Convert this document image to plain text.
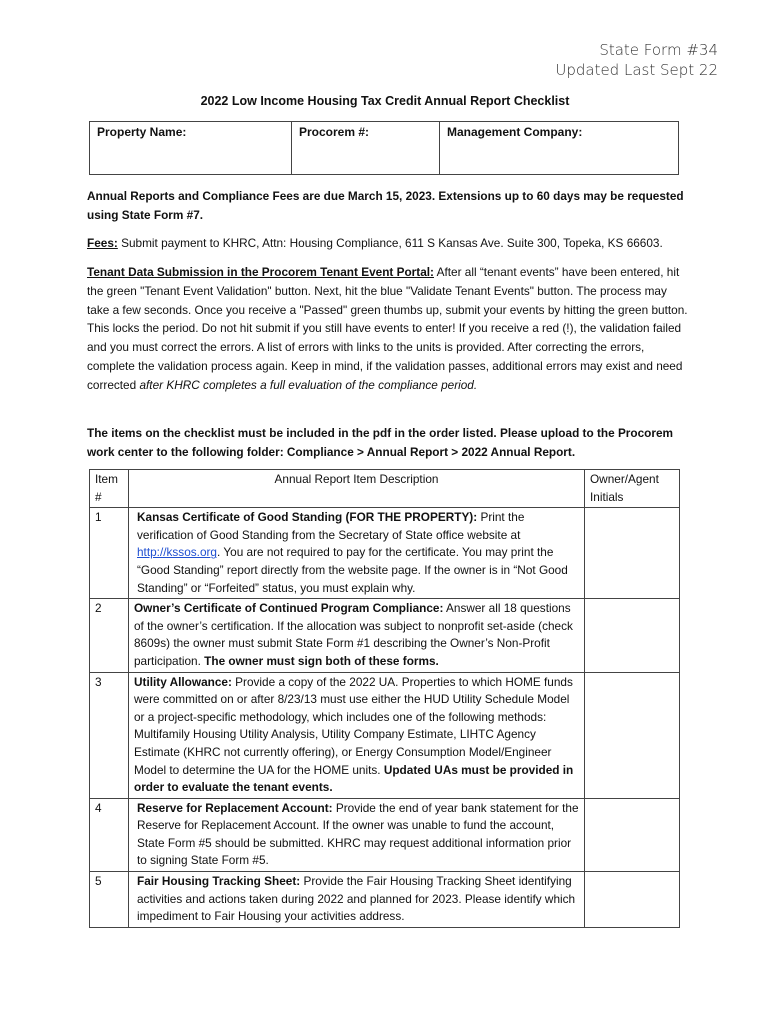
State Form #34
Updated Last Sept 22
2022 Low Income Housing Tax Credit Annual Report Checklist
Property Name:	Procorem #:	Management Company:
Annual Reports and Compliance Fees are due March 15, 2023. Extensions up to 60 days may be requested using State Form #7.
Fees: Submit payment to KHRC, Attn: Housing Compliance, 611 S Kansas Ave. Suite 300, Topeka, KS 66603.
Tenant Data Submission in the Procorem Tenant Event Portal: After all “tenant events” have been entered, hit the green "Tenant Event Validation" button. Next, hit the blue "Validate Tenant Events" button. The process may take a few seconds. Once you receive a "Passed" green thumbs up, submit your events by hitting the green button. This locks the period. Do not hit submit if you still have events to enter! If you receive a red (!), the validation failed and you must correct the errors. A list of errors with links to the units is provided. After correcting the errors, complete the validation process again. Keep in mind, if the validation passes, additional errors may exist and need corrected after KHRC completes a full evaluation of the compliance period.
The items on the checklist must be included in the pdf in the order listed. Please upload to the Procorem work center to the following folder: Compliance > Annual Report > 2022 Annual Report.
Item #	Annual Report Item Description	Owner/Agent Initials
1	Kansas Certificate of Good Standing (FOR THE PROPERTY): Print the verification of Good Standing from the Secretary of State office website at http://kssos.org. You are not required to pay for the certificate. You may print the “Good Standing” report directly from the website page. If the owner is in “Not Good Standing” or “Forfeited” status, you must explain why.	
2	Owner’s Certificate of Continued Program Compliance: Answer all 18 questions of the owner’s certification. If the allocation was subject to nonprofit set-aside (check 8609s) the owner must submit State Form #1 describing the Owner’s Non-Profit participation. The owner must sign both of these forms.	
3	Utility Allowance: Provide a copy of the 2022 UA. Properties to which HOME funds were committed on or after 8/23/13 must use either the HUD Utility Schedule Model or a project-specific methodology, which includes one of the following methods: Multifamily Housing Utility Analysis, Utility Company Estimate, LIHTC Agency Estimate (KHRC not currently offering), or Energy Consumption Model/Engineer Model to determine the UA for the HOME units. Updated UAs must be provided in order to evaluate the tenant events.	
4	Reserve for Replacement Account: Provide the end of year bank statement for the Reserve for Replacement Account. If the owner was unable to fund the account, State Form #5 should be submitted. KHRC may request additional information prior to signing State Form #5.	
5	Fair Housing Tracking Sheet: Provide the Fair Housing Tracking Sheet identifying activities and actions taken during 2022 and planned for 2023. Please identify which impediment to Fair Housing your activities address.	
